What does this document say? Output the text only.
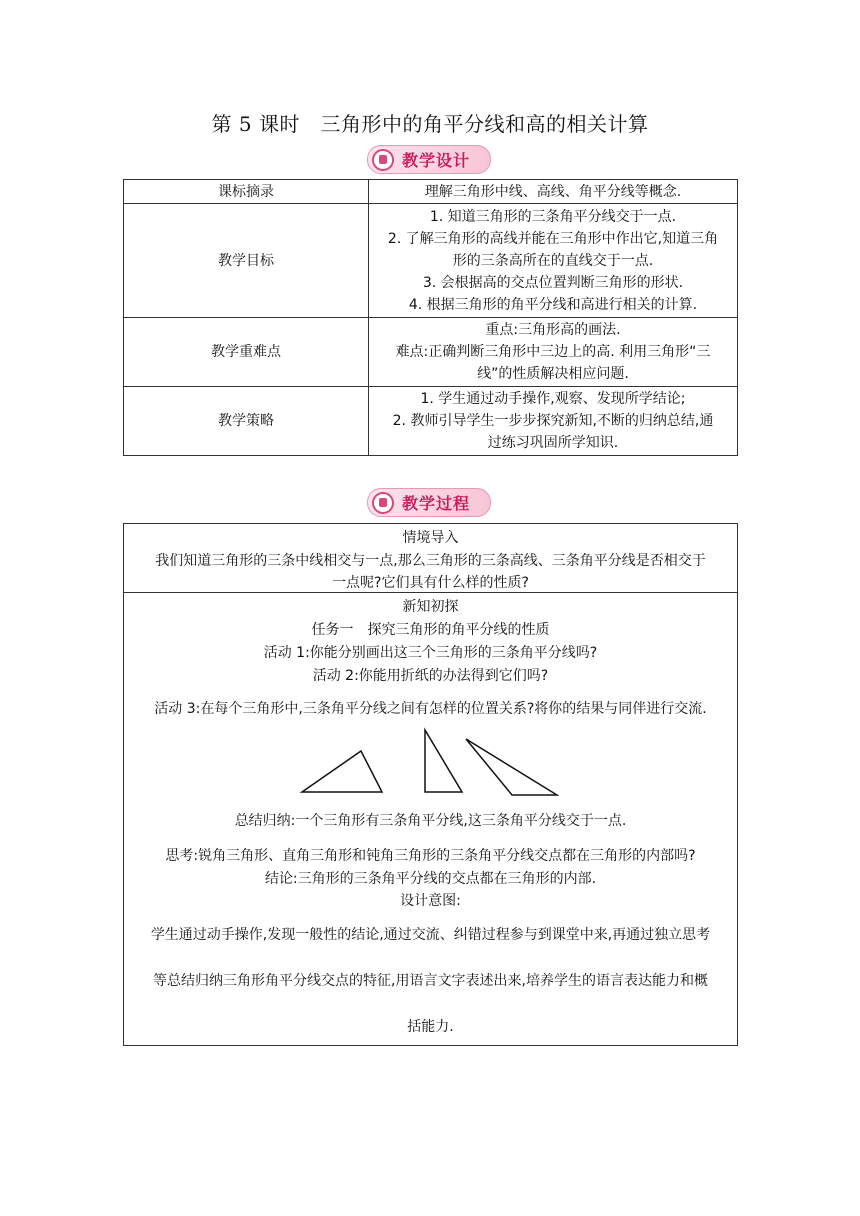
第 5 课时　三角形中的角平分线和高的相关计算
教学设计
课标摘录	理解三角形中线、高线、角平分线等概念.

教学目标	1. 知道三角形的三条角平分线交于一点.
2. 了解三角形的高线并能在三角形中作出它,知道三角
形的三条高所在的直线交于一点.
3. 会根据高的交点位置判断三角形的形状.
4. 根据三角形的角平分线和高进行相关的计算.

教学重难点	重点:三角形高的画法.
难点:正确判断三角形中三边上的高. 利用三角形“三
线”的性质解决相应问题.

教学策略	1. 学生通过动手操作,观察、发现所学结论;
2. 教师引导学生一步步探究新知,不断的归纳总结,通
过练习巩固所学知识.
教学过程
情境导入
我们知道三角形的三条中线相交与一点,那么三角形的三条高线、三条角平分线是否相交于
一点呢?它们具有什么样的性质?
新知初探
任务一　探究三角形的角平分线的性质
活动 1:你能分别画出这三个三角形的三条角平分线吗?
活动 2:你能用折纸的办法得到它们吗?
活动 3:在每个三角形中,三条角平分线之间有怎样的位置关系?将你的结果与同伴进行交流.
总结归纳:一个三角形有三条角平分线,这三条角平分线交于一点.
思考:锐角三角形、直角三角形和钝角三角形的三条角平分线交点都在三角形的内部吗?
结论:三角形的三条角平分线的交点都在三角形的内部.
设计意图:
学生通过动手操作,发现一般性的结论,通过交流、纠错过程参与到课堂中来,再通过独立思考
等总结归纳三角形角平分线交点的特征,用语言文字表述出来,培养学生的语言表达能力和概
括能力.
